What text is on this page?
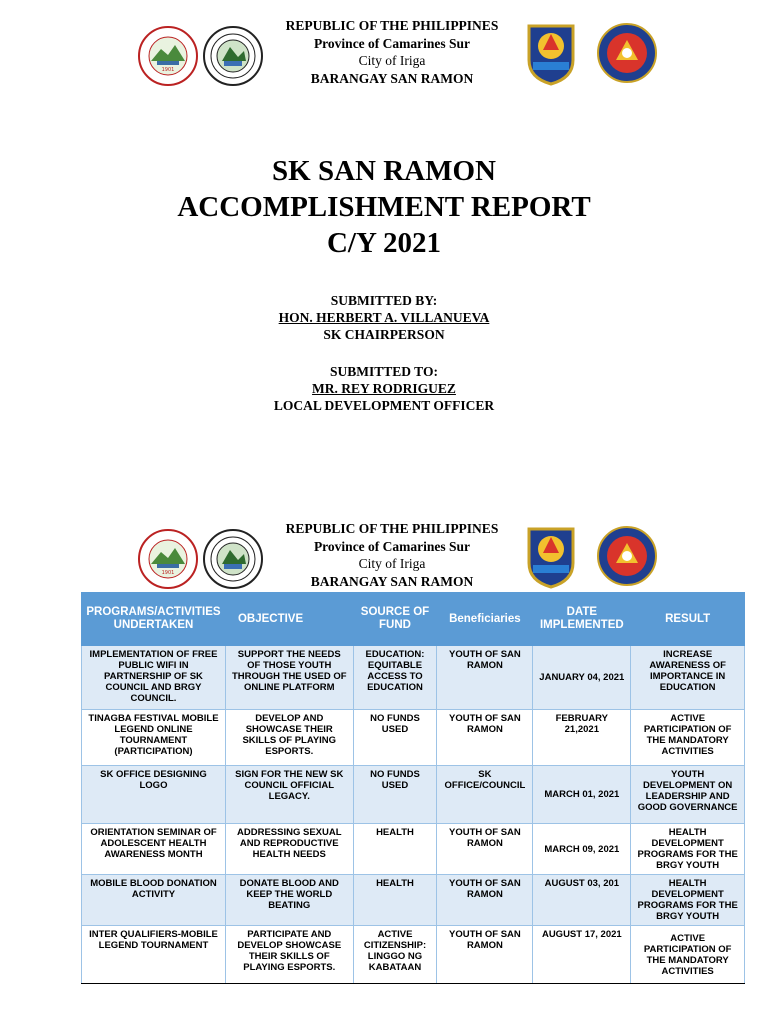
1901
REPUBLIC OF THE PHILIPPINES
Province of Camarines Sur
City of Iriga
BARANGAY SAN RAMON
SK SAN RAMON
ACCOMPLISHMENT REPORT
C/Y 2021
SUBMITTED BY:
HON. HERBERT A. VILLANUEVA
SK CHAIRPERSON
SUBMITTED TO:
MR. REY RODRIGUEZ
LOCAL DEVELOPMENT OFFICER
1901
REPUBLIC OF THE PHILIPPINES
Province of Camarines Sur
City of Iriga
BARANGAY SAN RAMON
PROGRAMS/ACTIVITIES UNDERTAKEN	OBJECTIVE	SOURCE OF FUND	Beneficiaries	DATE IMPLEMENTED	RESULT
IMPLEMENTATION OF FREE PUBLIC WIFI IN PARTNERSHIP OF SK COUNCIL AND BRGY COUNCIL.	SUPPORT THE NEEDS OF THOSE YOUTH THROUGH THE USED OF ONLINE PLATFORM	EDUCATION: EQUITABLE ACCESS TO EDUCATION	YOUTH OF SAN RAMON	JANUARY 04, 2021	INCREASE AWARENESS OF IMPORTANCE IN EDUCATION
TINAGBA FESTIVAL MOBILE LEGEND ONLINE TOURNAMENT (PARTICIPATION)	DEVELOP AND SHOWCASE THEIR SKILLS OF PLAYING ESPORTS.	NO FUNDS USED	YOUTH OF SAN RAMON	FEBRUARY 21,2021	ACTIVE PARTICIPATION OF THE MANDATORY ACTIVITIES
SK OFFICE DESIGNING LOGO	SIGN FOR THE NEW SK COUNCIL OFFICIAL LEGACY.	NO FUNDS USED	SK OFFICE/COUNCIL	MARCH 01, 2021	YOUTH DEVELOPMENT ON LEADERSHIP AND GOOD GOVERNANCE
ORIENTATION SEMINAR OF ADOLESCENT HEALTH AWARENESS MONTH	ADDRESSING SEXUAL AND REPRODUCTIVE HEALTH NEEDS	HEALTH	YOUTH OF SAN RAMON	MARCH 09, 2021	HEALTH DEVELOPMENT PROGRAMS FOR THE BRGY YOUTH
MOBILE BLOOD DONATION ACTIVITY	DONATE BLOOD AND KEEP THE WORLD BEATING	HEALTH	YOUTH OF SAN RAMON	AUGUST 03, 201	HEALTH DEVELOPMENT PROGRAMS FOR THE BRGY YOUTH
INTER QUALIFIERS-MOBILE LEGEND TOURNAMENT	PARTICIPATE AND DEVELOP SHOWCASE THEIR SKILLS OF PLAYING ESPORTS.	ACTIVE CITIZENSHIP: LINGGO NG KABATAAN	YOUTH OF SAN RAMON	AUGUST 17, 2021	ACTIVE PARTICIPATION OF THE MANDATORY ACTIVITIES
